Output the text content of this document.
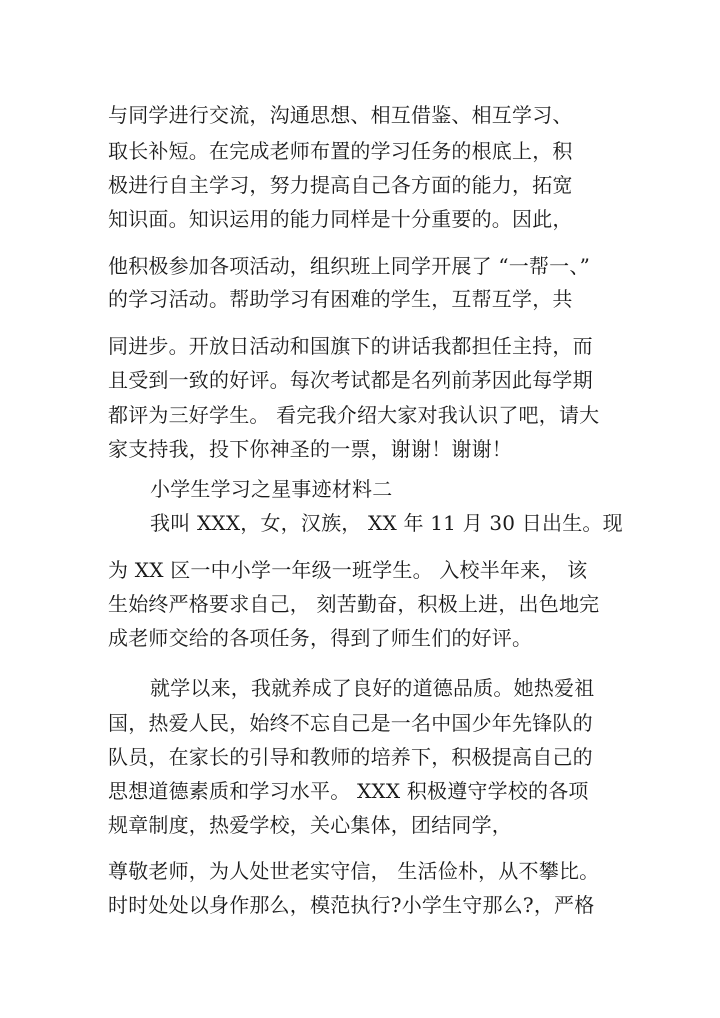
与同学进行交流，沟通思想、相互借鉴、相互学习、
取长补短。在完成老师布置的学习任务的根底上，积
极进行自主学习，努力提高自己各方面的能力，拓宽
知识面。知识运用的能力同样是十分重要的。因此，
他积极参加各项活动，组织班上同学开展了 “一帮一、”
的学习活动。帮助学习有困难的学生，互帮互学，共
同进步。开放日活动和国旗下的讲话我都担任主持，而
且受到一致的好评。每次考试都是名列前茅因此每学期
都评为三好学生。 看完我介绍大家对我认识了吧，请大
家支持我，投下你神圣的一票，谢谢！谢谢！
小学生学习之星事迹材料二
我叫 XXX，女，汉族， XX 年 11 月 30 日出生。现
为 XX 区一中小学一年级一班学生。 入校半年来， 该
生始终严格要求自己， 刻苦勤奋，积极上进，出色地完
成老师交给的各项任务，得到了师生们的好评。
就学以来，我就养成了良好的道德品质。她热爱祖
国，热爱人民，始终不忘自己是一名中国少年先锋队的
队员，在家长的引导和教师的培养下，积极提高自己的
思想道德素质和学习水平。 XXX 积极遵守学校的各项
规章制度，热爱学校，关心集体，团结同学，
尊敬老师，为人处世老实守信， 生活俭朴，从不攀比。
时时处处以身作那么，模范执行?小学生守那么?，严格
